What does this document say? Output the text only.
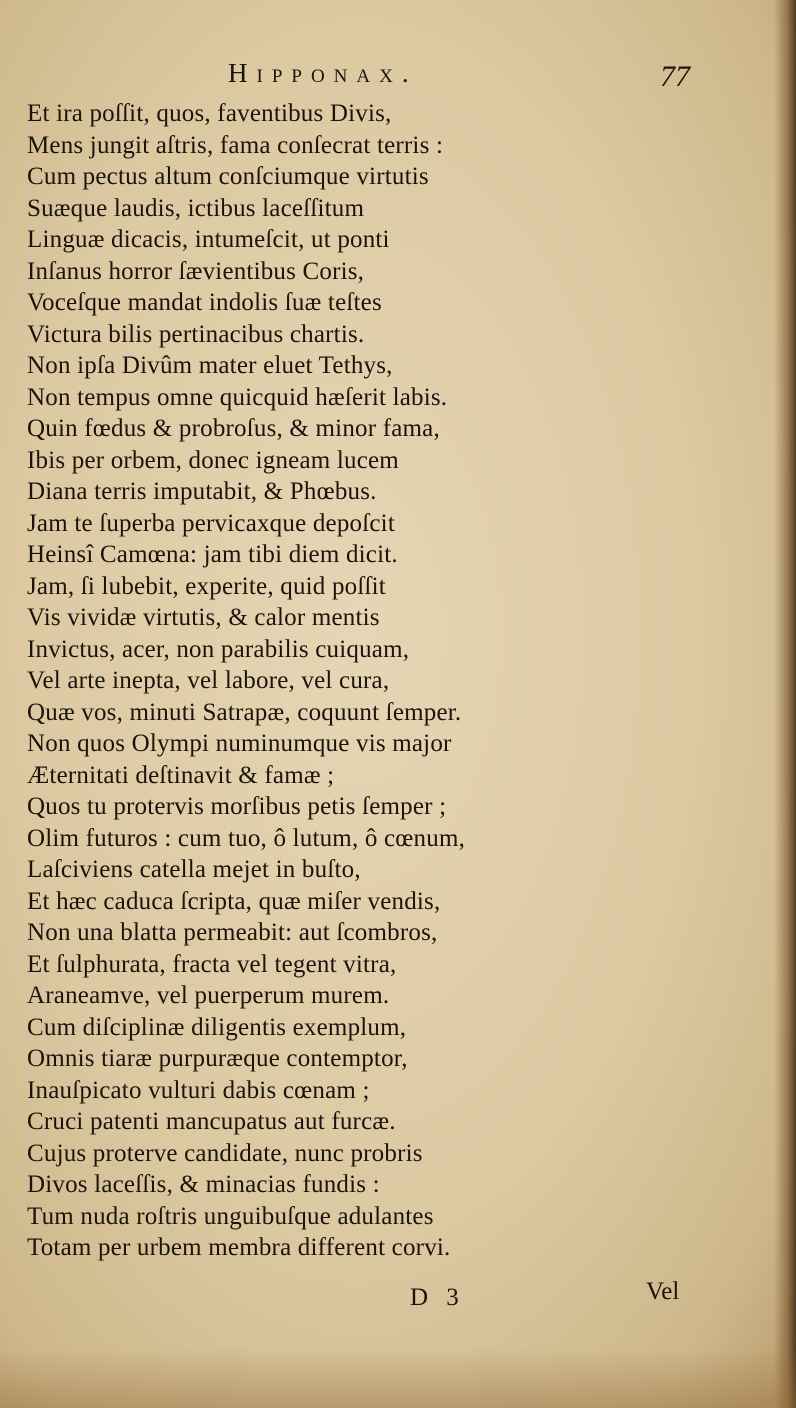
Hipponax.	77
Et ira poſſit, quos, faventibus Divis,
Mens jungit aſtris, fama conſecrat terris :
Cum pectus altum conſciumque virtutis
Suæque laudis, ictibus laceſſitum
Linguæ dicacis, intumeſcit, ut ponti
Inſanus horror ſævientibus Coris,
Voceſque mandat indolis ſuæ teſtes
Victura bilis pertinacibus chartis.
Non ipſa Divûm mater eluet Tethys,
Non tempus omne quicquid hæſerit labis.
Quin fœdus & probroſus, & minor fama,
Ibis per orbem, donec igneam lucem
Diana terris imputabit, & Phœbus.
Jam te ſuperba pervicaxque depoſcit
Heinsî Camœna: jam tibi diem dicit.
Jam, ſi lubebit, experite, quid poſſit
Vis vividæ virtutis, & calor mentis
Invictus, acer, non parabilis cuiquam,
Vel arte inepta, vel labore, vel cura,
Quæ vos, minuti Satrapæ, coquunt ſemper.
Non quos Olympi numinumque vis major
Æternitati deſtinavit & famæ ;
Quos tu protervis morſibus petis ſemper ;
Olim futuros : cum tuo, ô lutum, ô cœnum,
Laſciviens catella mejet in buſto,
Et hæc caduca ſcripta, quæ miſer vendis,
Non una blatta permeabit: aut ſcombros,
Et ſulphurata, fracta vel tegent vitra,
Araneamve, vel puerperum murem.
Cum diſciplinæ diligentis exemplum,
Omnis tiaræ purpuræque contemptor,
Inauſpicato vulturi dabis cœnam ;
Cruci patenti mancupatus aut furcæ.
Cujus proterve candidate, nunc probris
Divos laceſſis, & minacias fundis :
Tum nuda roſtris unguibuſque adulantes
Totam per urbem membra different corvi.
D 3	Vel
